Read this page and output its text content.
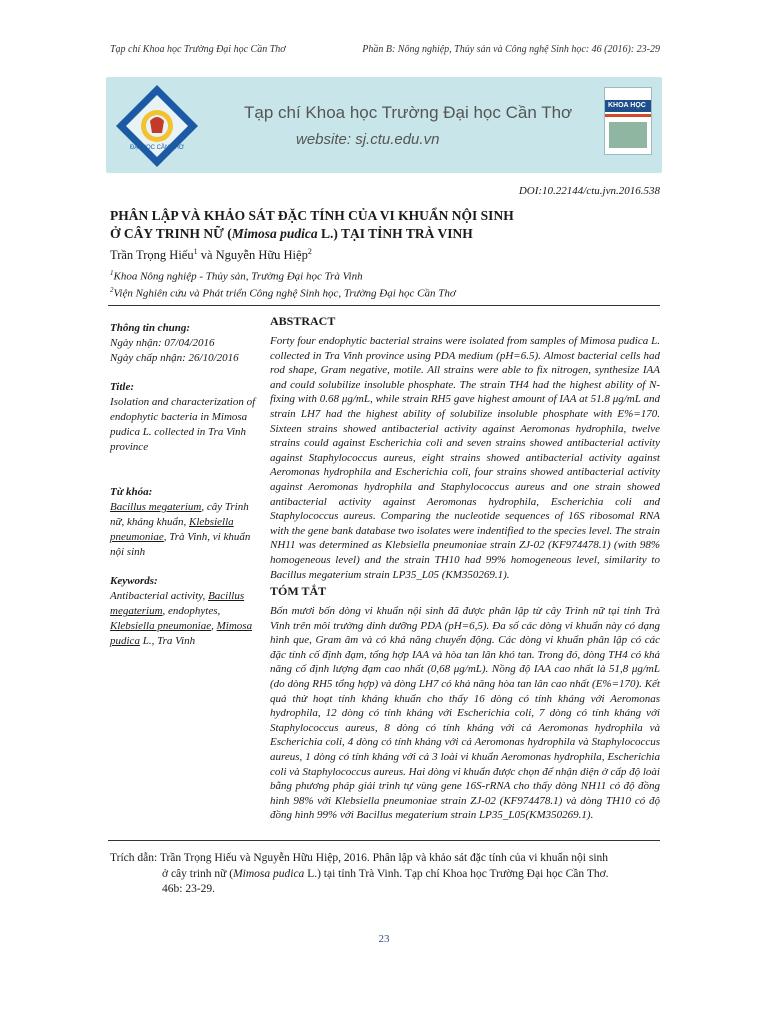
Tạp chí Khoa học Trường Đại học Cần Thơ	Phần B: Nông nghiệp, Thủy sản và Công nghệ Sinh học: 46 (2016): 23-29
ĐẠI HỌC CẦN THƠ
Tạp chí Khoa học Trường Đại học Cần Thơ
website: sj.ctu.edu.vn
KHOA HỌC
DOI:10.22144/ctu.jvn.2016.538
PHÂN LẬP VÀ KHẢO SÁT ĐẶC TÍNH CỦA VI KHUẨN NỘI SINH
Ở CÂY TRINH NỮ (Mimosa pudica L.) TẠI TỈNH TRÀ VINH
Trần Trọng Hiếu$^1$ và Nguyễn Hữu Hiệp$^2$
$^1$Khoa Nông nghiệp - Thủy sản, Trường Đại học Trà Vinh
$^2$Viện Nghiên cứu và Phát triển Công nghệ Sinh học, Trường Đại học Cần Thơ
Thông tin chung:
Ngày nhận: 07/04/2016
Ngày chấp nhận: 26/10/2016
Title:
Isolation and characterization of endophytic bacteria in Mimosa pudica L. collected in Tra Vinh province
Từ khóa:
Bacillus megaterium, cây Trinh nữ, kháng khuẩn, Klebsiella pneumoniae, Trà Vinh, vi khuẩn nội sinh
Keywords:
Antibacterial activity, Bacillus megaterium, endophytes, Klebsiella pneumoniae, Mimosa pudica L., Tra Vinh
ABSTRACT
Forty four endophytic bacterial strains were isolated from samples of Mimosa pudica L. collected in Tra Vinh province using PDA medium (pH=6.5). Almost bacterial cells had rod shape, Gram negative, motile. All strains were able to fix nitrogen, synthesize IAA and could solubilize insoluble phosphate. The strain TH4 had the highest ability of N-fixing with 0.68 μg/mL, while strain RH5 gave highest amount of IAA at 51.8 μg/mL and strain LH7 had the highest ability of solubilize insoluble phosphate with E%=170. Sixteen strains showed antibacterial activity against Aeromonas hydrophila, twelve strains could against Escherichia coli and seven strains showed antibacterial activity against Staphylococcus aureus, eight strains showed antibacterial activity against Aeromonas hydrophila and Escherichia coli, four strains showed antibacterial activity against Aeromonas hydrophila and Staphylococcus aureus and one strain showed antibacterial activity against Aeromonas hydrophila, Escherichia coli and Staphylococcus aureus. Comparing the nucleotide sequences of 16S ribosomal RNA with the gene bank database two isolates were indentified to the species level. The strain NH11 was determined as Klebsiella pneumoniae strain ZJ-02 (KF974478.1) (with 98% homogeneous level) and the strain TH10 had 99% homogeneous level, similarity to Bacillus megaterium strain LP35_L05 (KM350269.1).
TÓM TẮT
Bốn mươi bốn dòng vi khuẩn nội sinh đã được phân lập từ cây Trinh nữ tại tỉnh Trà Vinh trên môi trường dinh dưỡng PDA (pH=6,5). Đa số các dòng vi khuẩn này có dạng hình que, Gram âm và có khả năng chuyển động. Các dòng vi khuẩn phân lập có các đặc tính cố định đạm, tổng hợp IAA và hòa tan lân khó tan. Trong đó, dòng TH4 có khả năng cố định lượng đạm cao nhất (0,68 μg/mL). Nồng độ IAA cao nhất là 51,8 μg/mL (do dòng RH5 tổng hợp) và dòng LH7 có khả năng hòa tan lân cao nhất (E%=170). Kết quả thử hoạt tính kháng khuẩn cho thấy 16 dòng có tính kháng với Aeromonas hydrophila, 12 dòng có tính kháng với Escherichia coli, 7 dòng có tính kháng với Staphylococcus aureus, 8 dòng có tính kháng với cả Aeromonas hydrophila và Escherichia coli, 4 dòng có tính kháng với cả Aeromonas hydrophila và Staphylococcus aureus, 1 dòng có tính kháng với cả 3 loài vi khuẩn Aeromonas hydrophila, Escherichia coli và Staphylococcus aureus. Hai dòng vi khuẩn được chọn để nhận diện ở cấp độ loài bằng phương pháp giải trình tự vùng gene 16S-rRNA cho thấy dòng NH11 có độ đồng hình 98% với Klebsiella pneumoniae strain ZJ-02 (KF974478.1) và dòng TH10 có độ đồng hình 99% với Bacillus megaterium strain LP35_L05(KM350269.1).
Trích dẫn: Trần Trọng Hiếu và Nguyễn Hữu Hiệp, 2016. Phân lập và khảo sát đặc tính của vi khuẩn nội sinh
ở cây trinh nữ (Mimosa pudica L.) tại tỉnh Trà Vinh. Tạp chí Khoa học Trường Đại học Cần Thơ.
46b: 23-29.
23
